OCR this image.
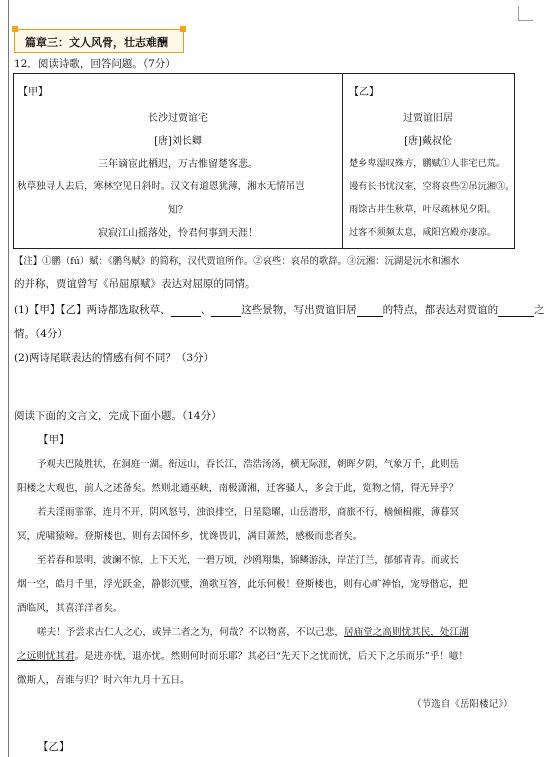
篇章三：文人风骨，壮志难酬
12．阅读诗歌，回答问题。（7分）
【甲】
长沙过贾谊宅
[唐]刘长卿
三年谪宦此栖迟，万古惟留楚客悲。
秋草独寻人去后，寒林空见日斜时。汉文有道恩犹薄，湘水无情吊岂
知？
寂寂江山摇落处，怜君何事到天涯！
【乙】
过贾谊旧居
[唐]戴叔伦
楚乡卑湿叹殊方，鹏赋①人非宅已荒。
谩有长书忧汉室，空将哀些②吊沅湘③。
雨馀古井生秋草，叶尽疏林见夕阳。
过客不须频太息，咸阳宫殿亦凄凉。
【注】①鹏（fú）赋：《鹏鸟赋》的简称，汉代贾谊所作。②哀些：哀吊的歌辞。③沅湘：沅湖是沅水和湘水
的并称，贾谊曾写《吊屈原赋》表达对屈原的同情。
(1)【甲】【乙】两诗都选取秋草、	、	这些景物，写出贾谊旧居 的特点，都表达对贾谊的	之
情。（4分）
(2)两诗尾联表达的情感有何不同？（3分）
阅读下面的文言文，完成下面小题。（14分）
【甲】
予观夫巴陵胜状，在洞庭一湖。衔远山，吞长江，浩浩汤汤，横无际涯，朝晖夕阴，气象万千，此则岳
阳楼之大观也，前人之述备矣。然则北通巫峡，南极潇湘，迁客骚人，多会于此，览物之情，得无异乎？
若夫淫雨霏霏，连月不开，阴风怒号，浊浪排空，日星隐曜，山岳潜形，商旅不行，樯倾楫摧，薄暮冥
冥，虎啸猿啼。登斯楼也，则有去国怀乡，忧谗畏讥，满目萧然，感极而悲者矣。
至若春和景明，波澜不惊，上下天光，一碧万顷，沙鸥翔集，锦鳞游泳，岸芷汀兰，郁郁青青。而或长
烟一空，皓月千里，浮光跃金，静影沉璧，渔歌互答，此乐何极！登斯楼也，则有心旷神怡，宠辱偕忘，把
酒临风，其喜洋洋者矣。
嗟夫！予尝求古仁人之心，或异二者之为，何哉？不以物喜，不以己悲，居庙堂之高则忧其民，处江湖
之远则忧其君。是进亦忧，退亦忧。然则何时而乐耶？其必曰“先天下之忧而忧，后天下之乐而乐”乎！噫！
微斯人，吾谁与归？时六年九月十五日。
（节选自《岳阳楼记》）
【乙】
